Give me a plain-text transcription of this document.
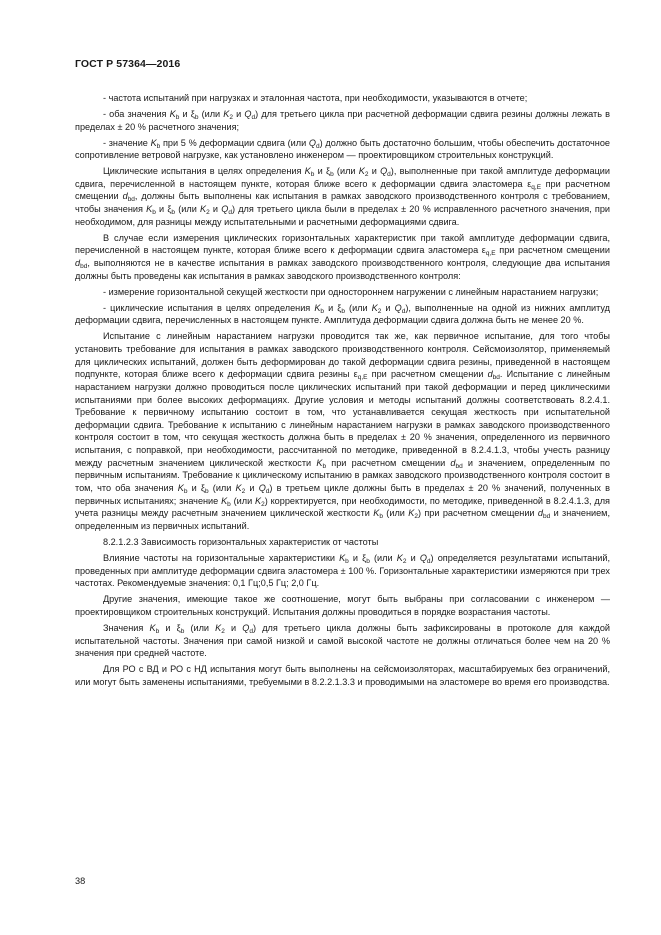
ГОСТ Р 57364—2016

- частота испытаний при нагрузках и эталонная частота, при необходимости, указываются в отчете;

- оба значения $K_b$ и $\xi_b$ (или $K_2$ и $Q_d$) для третьего цикла при расчетной деформации сдвига резины должны лежать в пределах ± 20 % расчетного значения;

- значение $K_b$ при 5 % деформации сдвига (или $Q_d$) должно быть достаточно большим, чтобы обеспечить достаточное сопротивление ветровой нагрузке, как установлено инженером — проектировщиком строительных конструкций.

Циклические испытания в целях определения $K_b$ и $\xi_b$ (или $K_2$ и $Q_d$), выполненные при такой амплитуде деформации сдвига, перечисленной в настоящем пункте, которая ближе всего к деформации сдвига эластомера $\varepsilon_{q,E}$ при расчетном смещении $d_{bd}$, должны быть выполнены как испытания в рамках заводского производственного контроля с требованием, чтобы значения $K_b$ и $\xi_b$ (или $K_2$ и $Q_d$) для третьего цикла были в пределах ± 20 % исправленного расчетного значения, при необходимом, для разницы между испытательными и расчетными деформациями сдвига.

В случае если измерения циклических горизонтальных характеристик при такой амплитуде деформации сдвига, перечисленной в настоящем пункте, которая ближе всего к деформации сдвига эластомера $\varepsilon_{q,E}$ при расчетном смещении $d_{bd}$, выполняются не в качестве испытания в рамках заводского производственного контроля, следующие два испытания должны быть проведены как испытания в рамках заводского производственного контроля:

- измерение горизонтальной секущей жесткости при одностороннем нагружении с линейным нарастанием нагрузки;

- циклические испытания в целях определения $K_b$ и $\xi_b$ (или $K_2$ и $Q_d$), выполненные на одной из нижних амплитуд деформации сдвига, перечисленных в настоящем пункте. Амплитуда деформации сдвига должна быть не менее 20 %.

Испытание с линейным нарастанием нагрузки проводится так же, как первичное испытание, для того чтобы установить требование для испытания в рамках заводского производственного контроля. Сейсмоизолятор, применяемый для циклических испытаний, должен быть деформирован до такой деформации сдвига резины, приведенной в настоящем подпункте, которая ближе всего к деформации сдвига резины $\varepsilon_{q,E}$ при расчетном смещении $d_{bd}$. Испытание с линейным нарастанием нагрузки должно проводиться после циклических испытаний при такой деформации и перед циклическими испытаниями при более высоких деформациях. Другие условия и методы испытаний должны соответствовать 8.2.4.1. Требование к первичному испытанию состоит в том, что устанавливается секущая жесткость при испытательной деформации сдвига. Требование к испытанию с линейным нарастанием нагрузки в рамках заводского производственного контроля состоит в том, что секущая жесткость должна быть в пределах ± 20 % значения, определенного из первичного испытания, с поправкой, при необходимости, рассчитанной по методике, приведенной в 8.2.4.1.3, чтобы учесть разницу между расчетным значением циклической жесткости $K_b$ при расчетном смещении $d_{bd}$ и значением, определенным по первичным испытаниям. Требование к циклическому испытанию в рамках заводского производственного контроля состоит в том, что оба значения $K_b$ и $\xi_b$ (или $K_2$ и $Q_d$) в третьем цикле должны быть в пределах ± 20 % значений, полученных в первичных испытаниях; значение $K_b$ (или $K_2$) корректируется, при необходимости, по методике, приведенной в 8.2.4.1.3, для учета разницы между расчетным значением циклической жесткости $K_b$ (или $K_2$) при расчетном смещении $d_{bd}$ и значением, определенным из первичных испытаний.

8.2.1.2.3 Зависимость горизонтальных характеристик от частоты

Влияние частоты на горизонтальные характеристики $K_b$ и $\xi_b$ (или $K_2$ и $Q_d$) определяется результатами испытаний, проведенных при амплитуде деформации сдвига эластомера ± 100 %. Горизонтальные характеристики измеряются при трех частотах. Рекомендуемые значения: 0,1 Гц;0,5 Гц; 2,0 Гц.

Другие значения, имеющие такое же соотношение, могут быть выбраны при согласовании с инженером — проектировщиком строительных конструкций. Испытания должны проводиться в порядке возрастания частоты.

Значения $K_b$ и $\xi_b$ (или $K_2$ и $Q_d$) для третьего цикла должны быть зафиксированы в протоколе для каждой испытательной частоты. Значения при самой низкой и самой высокой частоте не должны отличаться более чем на 20 % значения при средней частоте.

Для РО с ВД и РО с НД испытания могут быть выполнены на сейсмоизоляторах, масштабируемых без ограничений, или могут быть заменены испытаниями, требуемыми в 8.2.2.1.3.3 и проводимыми на эластомере во время его производства.

38
